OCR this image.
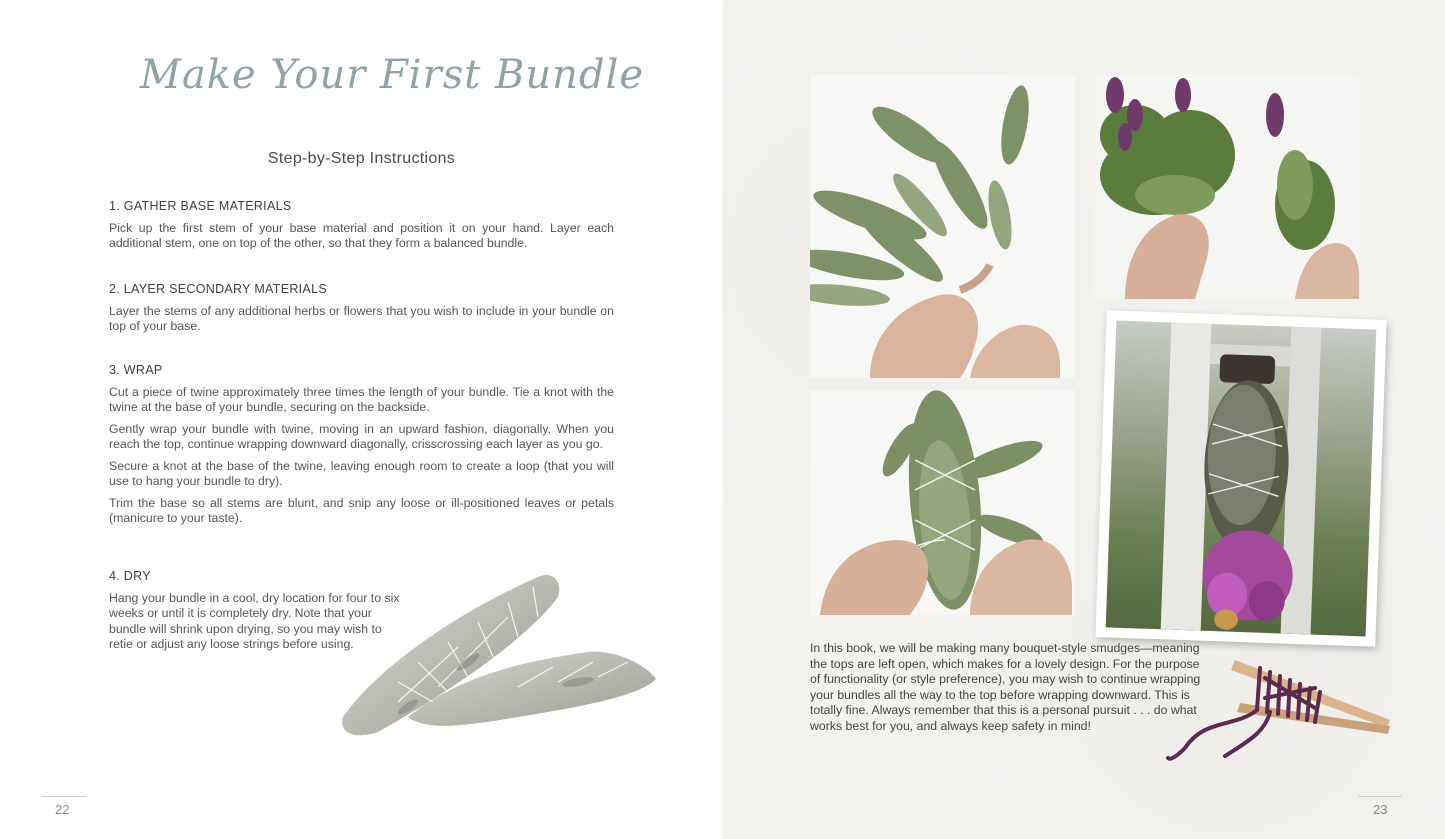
Make Your First Bundle
Step-by-Step Instructions
1. GATHER BASE MATERIALS

Pick up the first stem of your base material and position it on your hand. Layer each additional stem, one on top of the other, so that they form a balanced bundle.

2. LAYER SECONDARY MATERIALS

Layer the stems of any additional herbs or flowers that you wish to include in your bundle on top of your base.

3. WRAP

Cut a piece of twine approximately three times the length of your bundle. Tie a knot with the twine at the base of your bundle, securing on the backside.

Gently wrap your bundle with twine, moving in an upward fashion, diagonally. When you reach the top, continue wrapping downward diagonally, crisscrossing each layer as you go.

Secure a knot at the base of the twine, leaving enough room to create a loop (that you will use to hang your bundle to dry).

Trim the base so all stems are blunt, and snip any loose or ill-positioned leaves or petals (manicure to your taste).

4. DRY

Hang your bundle in a cool, dry location for four to six weeks or until it is completely dry. Note that your bundle will shrink upon drying, so you may wish to retie or adjust any loose strings before using.

22
In this book, we will be making many bouquet-style smudges—meaning the tops are left open, which makes for a lovely design. For the purpose of functionality (or style preference), you may wish to continue wrapping your bundles all the way to the top before wrapping downward. This is totally fine. Always remember that this is a personal pursuit . . . do what works best for you, and always keep safety in mind!
23
